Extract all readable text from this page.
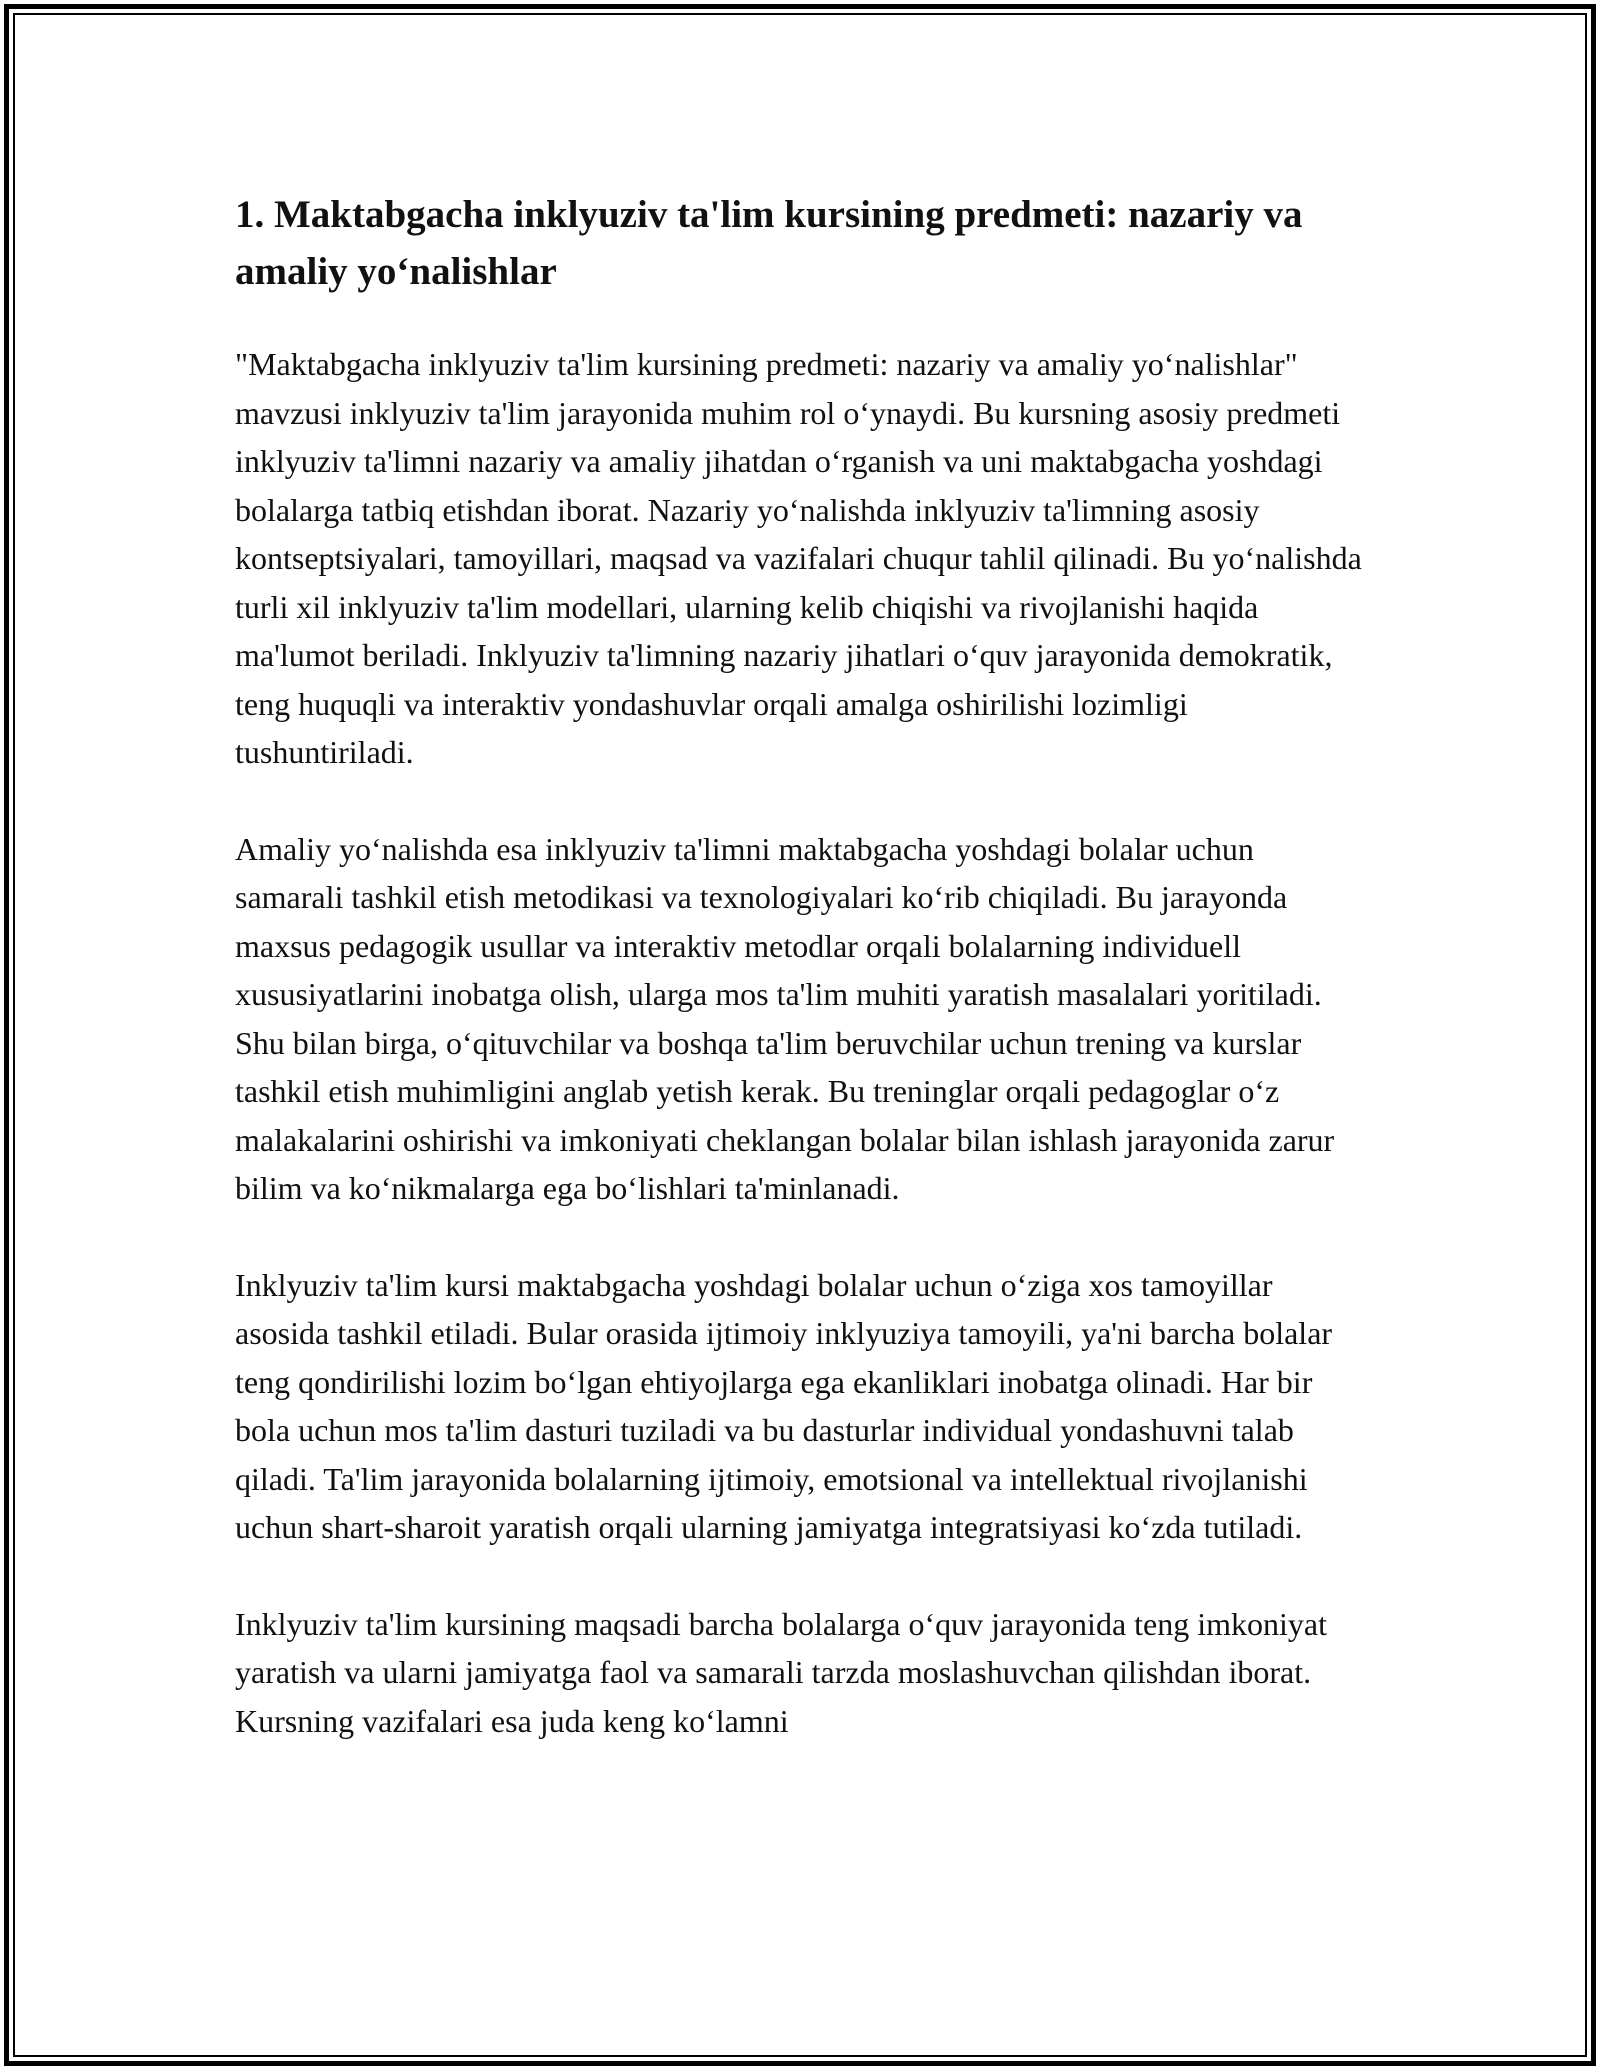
1. Maktabgacha inklyuziv ta'lim kursining predmeti: nazariy va amaliy yo‘nalishlar

"Maktabgacha inklyuziv ta'lim kursining predmeti: nazariy va amaliy yo‘nalishlar" mavzusi inklyuziv ta'lim jarayonida muhim rol o‘ynaydi. Bu kursning asosiy predmeti inklyuziv ta'limni nazariy va amaliy jihatdan o‘rganish va uni maktabgacha yoshdagi bolalarga tatbiq etishdan iborat. Nazariy yo‘nalishda inklyuziv ta'limning asosiy kontseptsiyalari, tamoyillari, maqsad va vazifalari chuqur tahlil qilinadi. Bu yo‘nalishda turli xil inklyuziv ta'lim modellari, ularning kelib chiqishi va rivojlanishi haqida ma'lumot beriladi. Inklyuziv ta'limning nazariy jihatlari o‘quv jarayonida demokratik, teng huquqli va interaktiv yondashuvlar orqali amalga oshirilishi lozimligi tushuntiriladi.

Amaliy yo‘nalishda esa inklyuziv ta'limni maktabgacha yoshdagi bolalar uchun samarali tashkil etish metodikasi va texnologiyalari ko‘rib chiqiladi. Bu jarayonda maxsus pedagogik usullar va interaktiv metodlar orqali bolalarning individuell xususiyatlarini inobatga olish, ularga mos ta'lim muhiti yaratish masalalari yoritiladi. Shu bilan birga, o‘qituvchilar va boshqa ta'lim beruvchilar uchun trening va kurslar tashkil etish muhimligini anglab yetish kerak. Bu treninglar orqali pedagoglar o‘z malakalarini oshirishi va imkoniyati cheklangan bolalar bilan ishlash jarayonida zarur bilim va ko‘nikmalarga ega bo‘lishlari ta'minlanadi.

Inklyuziv ta'lim kursi maktabgacha yoshdagi bolalar uchun o‘ziga xos tamoyillar asosida tashkil etiladi. Bular orasida ijtimoiy inklyuziya tamoyili, ya'ni barcha bolalar teng qondirilishi lozim bo‘lgan ehtiyojlarga ega ekanliklari inobatga olinadi. Har bir bola uchun mos ta'lim dasturi tuziladi va bu dasturlar individual yondashuvni talab qiladi. Ta'lim jarayonida bolalarning ijtimoiy, emotsional va intellektual rivojlanishi uchun shart-sharoit yaratish orqali ularning jamiyatga integratsiyasi ko‘zda tutiladi.

Inklyuziv ta'lim kursining maqsadi barcha bolalarga o‘quv jarayonida teng imkoniyat yaratish va ularni jamiyatga faol va samarali tarzda moslashuvchan qilishdan iborat. Kursning vazifalari esa juda keng ko‘lamni
